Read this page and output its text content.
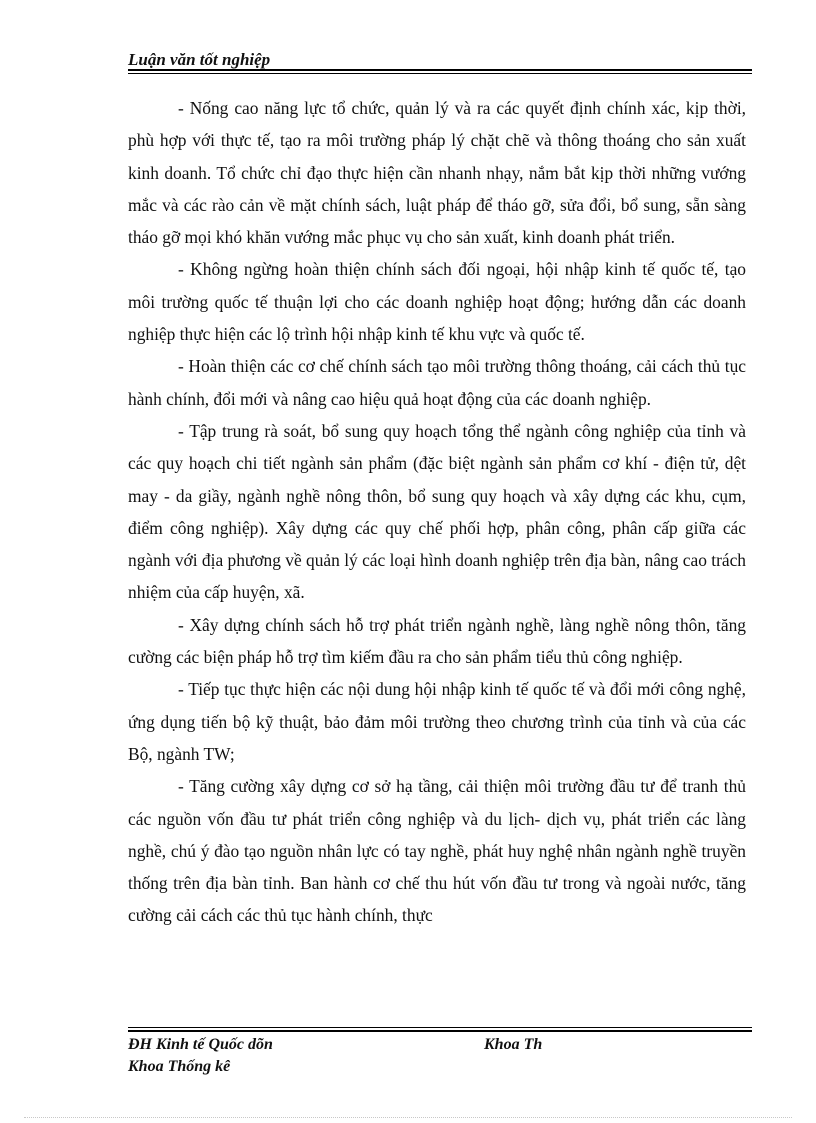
Luận văn tốt nghiệp

- Nống cao năng lực tổ chức, quản lý và ra các quyết định chính xác, kịp thời, phù hợp với thực tế, tạo ra môi trường pháp lý chặt chẽ và thông thoáng cho sản xuất kinh doanh. Tổ chức chỉ đạo thực hiện cần nhanh nhạy, nắm bắt kịp thời những vướng mắc và các rào cản về mặt chính sách, luật pháp để tháo gỡ, sửa đổi, bổ sung, sẵn sàng tháo gỡ mọi khó khăn vướng mắc phục vụ cho sản xuất, kinh doanh phát triển.

- Không ngừng hoàn thiện chính sách đối ngoại, hội nhập kinh tế quốc tế, tạo môi trường quốc tế thuận lợi cho các doanh nghiệp hoạt động; hướng dẫn các doanh nghiệp thực hiện các lộ trình hội nhập kinh tế khu vực và quốc tế.

- Hoàn thiện các cơ chế chính sách tạo môi trường thông thoáng, cải cách thủ tục hành chính, đổi mới và nâng cao hiệu quả hoạt động của các doanh nghiệp.

- Tập trung rà soát, bổ sung quy hoạch tổng thể ngành công nghiệp của tỉnh và các quy hoạch chi tiết ngành sản phẩm (đặc biệt ngành sản phẩm cơ khí - điện tử, dệt may - da giầy, ngành nghề nông thôn, bổ sung quy hoạch và xây dựng các khu, cụm, điểm công nghiệp). Xây dựng các quy chế phối hợp, phân công, phân cấp giữa các ngành với địa phương về quản lý các loại hình doanh nghiệp trên địa bàn, nâng cao trách nhiệm của cấp huyện, xã.

- Xây dựng chính sách hỗ trợ phát triển ngành nghề, làng nghề nông thôn, tăng cường các biện pháp hỗ trợ tìm kiếm đầu ra cho sản phẩm tiểu thủ công nghiệp.

- Tiếp tục thực hiện các nội dung hội nhập kinh tế quốc tế và đổi mới công nghệ, ứng dụng tiến bộ kỹ thuật, bảo đảm môi trường theo chương trình của tỉnh và của các Bộ, ngành TW;

- Tăng cường xây dựng cơ sở hạ tầng, cải thiện môi trường đầu tư để tranh thủ các nguồn vốn đầu tư phát triển công nghiệp và du lịch- dịch vụ, phát triển các làng nghề, chú ý đào tạo nguồn nhân lực có tay nghề, phát huy nghệ nhân ngành nghề truyền thống trên địa bàn tỉnh. Ban hành cơ chế thu hút vốn đầu tư trong và ngoài nước, tăng cường cải cách các thủ tục hành chính, thực

ĐH Kinh tế Quốc dõn
Khoa Thống kê
Khoa Th
